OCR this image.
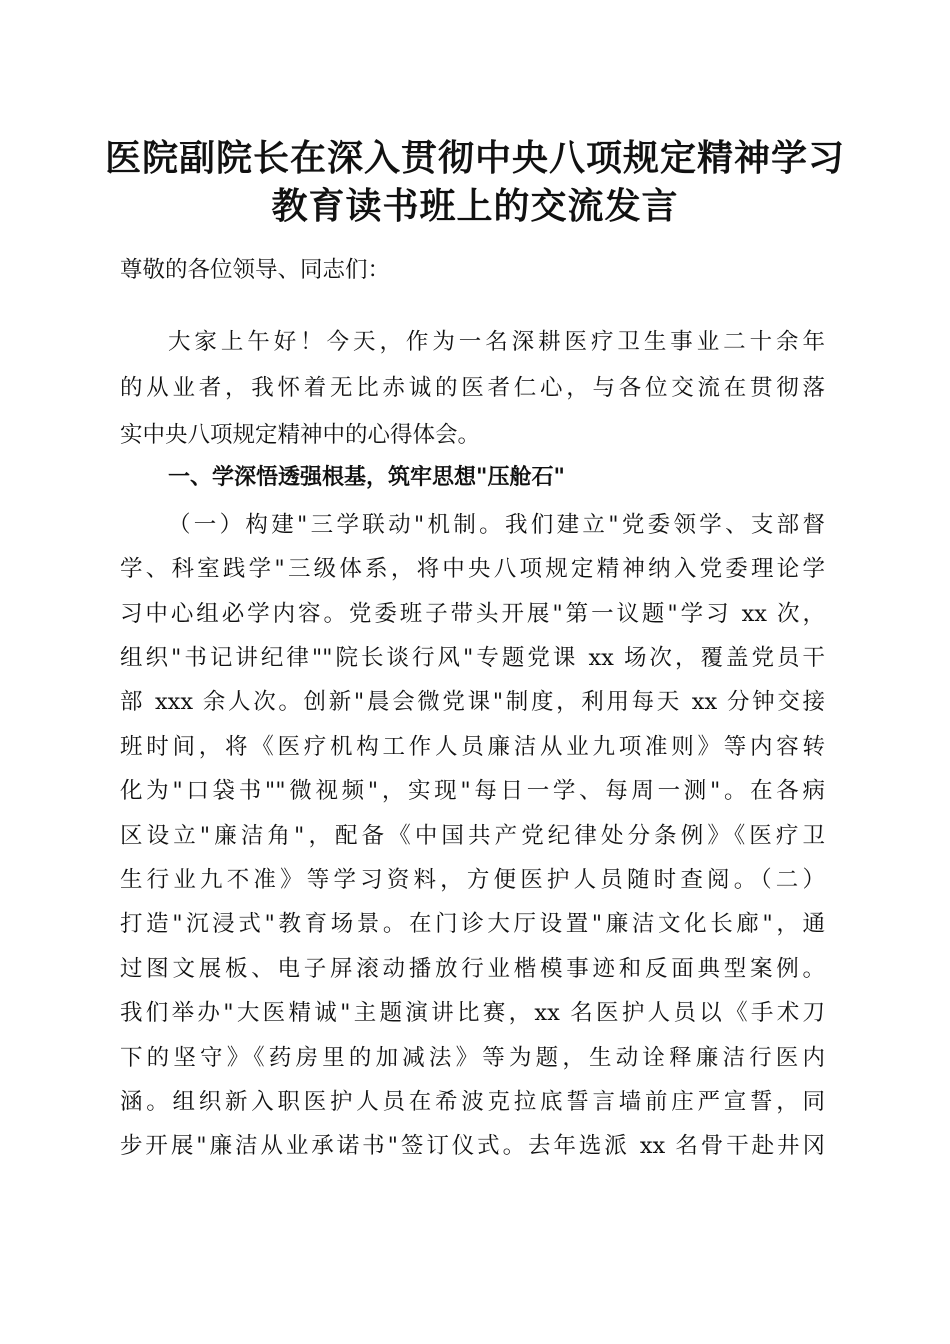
医院副院长在深入贯彻中央八项规定精神学习
教育读书班上的交流发言
尊敬的各位领导、同志们：
大家上午好！今天，作为一名深耕医疗卫生事业二十余年
的从业者，我怀着无比赤诚的医者仁心，与各位交流在贯彻落
实中央八项规定精神中的心得体会。
一、学深悟透强根基，筑牢思想"压舱石"
（一）构建"三学联动"机制。我们建立"党委领学、支部督
学、科室践学"三级体系，将中央八项规定精神纳入党委理论学
习中心组必学内容。党委班子带头开展"第一议题"学习 xx 次，
组织"书记讲纪律""院长谈行风"专题党课 xx 场次，覆盖党员干
部 xxx 余人次。创新"晨会微党课"制度，利用每天 xx 分钟交接
班时间，将《医疗机构工作人员廉洁从业九项准则》等内容转
化为"口袋书""微视频"，实现"每日一学、每周一测"。在各病
区设立"廉洁角"，配备《中国共产党纪律处分条例》《医疗卫
生行业九不准》等学习资料，方便医护人员随时查阅。（二）
打造"沉浸式"教育场景。在门诊大厅设置"廉洁文化长廊"，通
过图文展板、电子屏滚动播放行业楷模事迹和反面典型案例。
我们举办"大医精诚"主题演讲比赛，xx 名医护人员以《手术刀
下的坚守》《药房里的加减法》等为题，生动诠释廉洁行医内
涵。组织新入职医护人员在希波克拉底誓言墙前庄严宣誓，同
步开展"廉洁从业承诺书"签订仪式。去年选派 xx 名骨干赴井冈
